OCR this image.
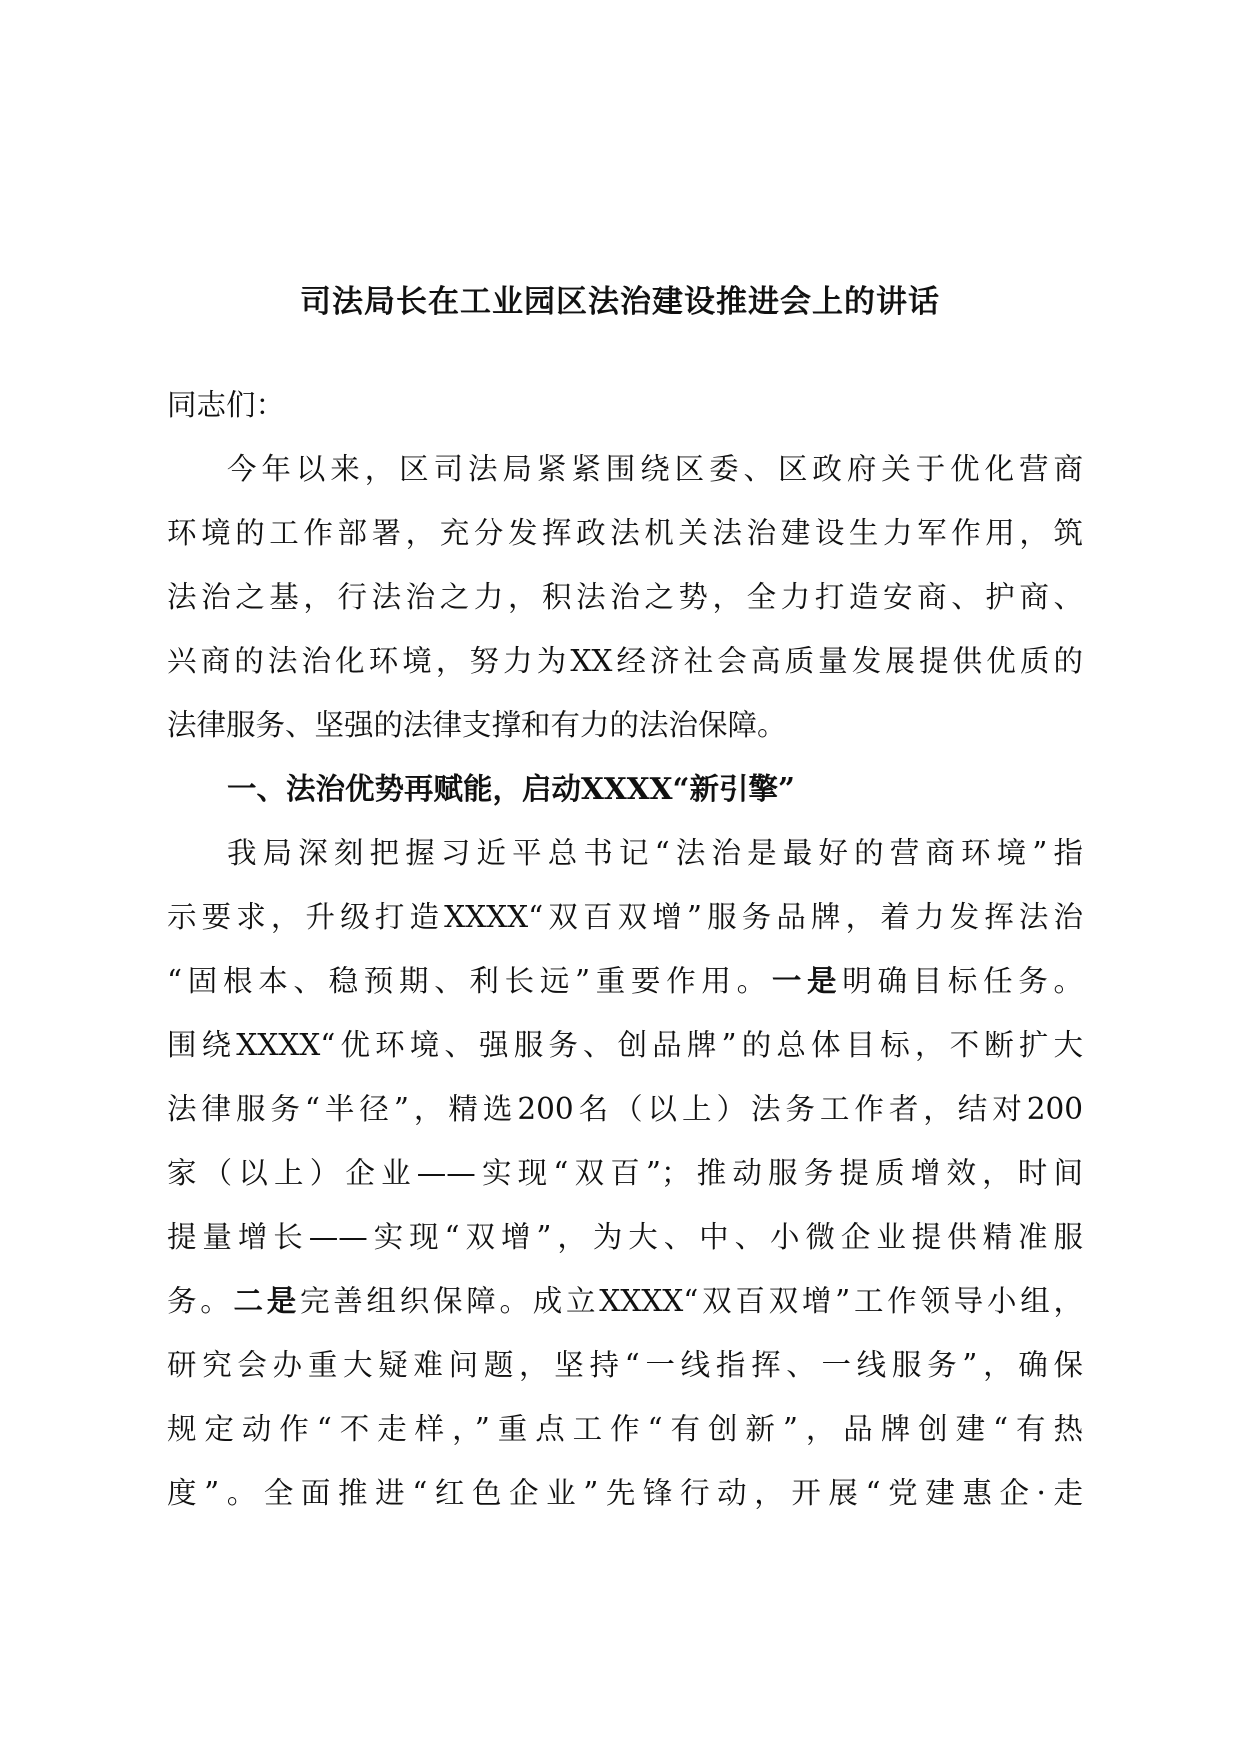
司法局长在工业园区法治建设推进会上的讲话
同志们：
今年以来，区司法局紧紧围绕区委、区政府关于优化营商
环境的工作部署，充分发挥政法机关法治建设生力军作用，筑
法治之基，行法治之力，积法治之势，全力打造安商、护商、
兴商的法治化环境，努力为XX经济社会高质量发展提供优质的
法律服务、坚强的法律支撑和有力的法治保障。
一、法治优势再赋能，启动XXXX“新引擎”
我局深刻把握习近平总书记“法治是最好的营商环境”指
示要求，升级打造XXXX“双百双增”服务品牌，着力发挥法治
“固根本、稳预期、利长远”重要作用。一是明确目标任务。
围绕XXXX“优环境、强服务、创品牌”的总体目标，不断扩大
法律服务“半径”，精选200名（以上）法务工作者，结对200
家（以上）企业——实现“双百”；推动服务提质增效，时间
提量增长——实现“双增”，为大、中、小微企业提供精准服
务。二是完善组织保障。成立XXXX“双百双增”工作领导小组，
研究会办重大疑难问题，坚持“一线指挥、一线服务”，确保
规定动作“不走样，”重点工作“有创新”，品牌创建“有热
度”。全面推进“红色企业”先锋行动，开展“党建惠企·走
